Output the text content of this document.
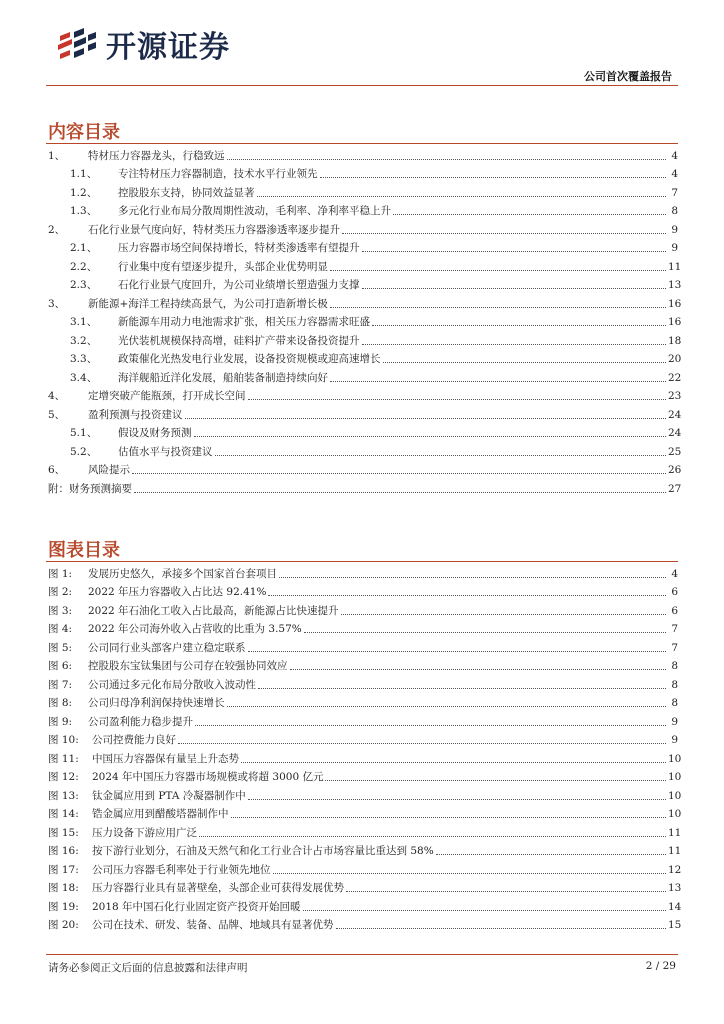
开源证券
公司首次覆盖报告
内容目录
1、	特材压力容器龙头，行稳致远	4
1.1、	专注特材压力容器制造，技术水平行业领先	4
1.2、	控股股东支持，协同效益显著	7
1.3、	多元化行业布局分散周期性波动，毛利率、净利率平稳上升	8
2、	石化行业景气度向好，特材类压力容器渗透率逐步提升	9
2.1、	压力容器市场空间保持增长，特材类渗透率有望提升	9
2.2、	行业集中度有望逐步提升，头部企业优势明显	11
2.3、	石化行业景气度回升，为公司业绩增长塑造强力支撑	13
3、	新能源+海洋工程持续高景气，为公司打造新增长极	16
3.1、	新能源车用动力电池需求扩张，相关压力容器需求旺盛	16
3.2、	光伏装机规模保持高增，硅料扩产带来设备投资提升	18
3.3、	政策催化光热发电行业发展，设备投资规模或迎高速增长	20
3.4、	海洋舰船近洋化发展，船舶装备制造持续向好	22
4、	定增突破产能瓶颈，打开成长空间	23
5、	盈利预测与投资建议	24
5.1、	假设及财务预测	24
5.2、	估值水平与投资建议	25
6、	风险提示	26
附：财务预测摘要	27
图表目录
图 1:	发展历史悠久，承接多个国家首台套项目	4
图 2:	2022 年压力容器收入占比达 92.41%	6
图 3:	2022 年石油化工收入占比最高，新能源占比快速提升	6
图 4:	2022 年公司海外收入占营收的比重为 3.57%	7
图 5:	公司同行业头部客户建立稳定联系	7
图 6:	控股股东宝钛集团与公司存在较强协同效应	8
图 7:	公司通过多元化布局分散收入波动性	8
图 8:	公司归母净利润保持快速增长	8
图 9:	公司盈利能力稳步提升	9
图 10:	公司控费能力良好	9
图 11:	中国压力容器保有量呈上升态势	10
图 12:	2024 年中国压力容器市场规模或将超 3000 亿元	10
图 13:	钛金属应用到 PTA 冷凝器制作中	10
图 14:	锆金属应用到醋酸塔器制作中	10
图 15:	压力设备下游应用广泛	11
图 16:	按下游行业划分，石油及天然气和化工行业合计占市场容量比重达到 58%	11
图 17:	公司压力容器毛利率处于行业领先地位	12
图 18:	压力容器行业具有显著壁垒，头部企业可获得发展优势	13
图 19:	2018 年中国石化行业固定资产投资开始回暖	14
图 20:	公司在技术、研发、装备、品牌、地域具有显著优势	15
请务必参阅正文后面的信息披露和法律声明	2 / 29
